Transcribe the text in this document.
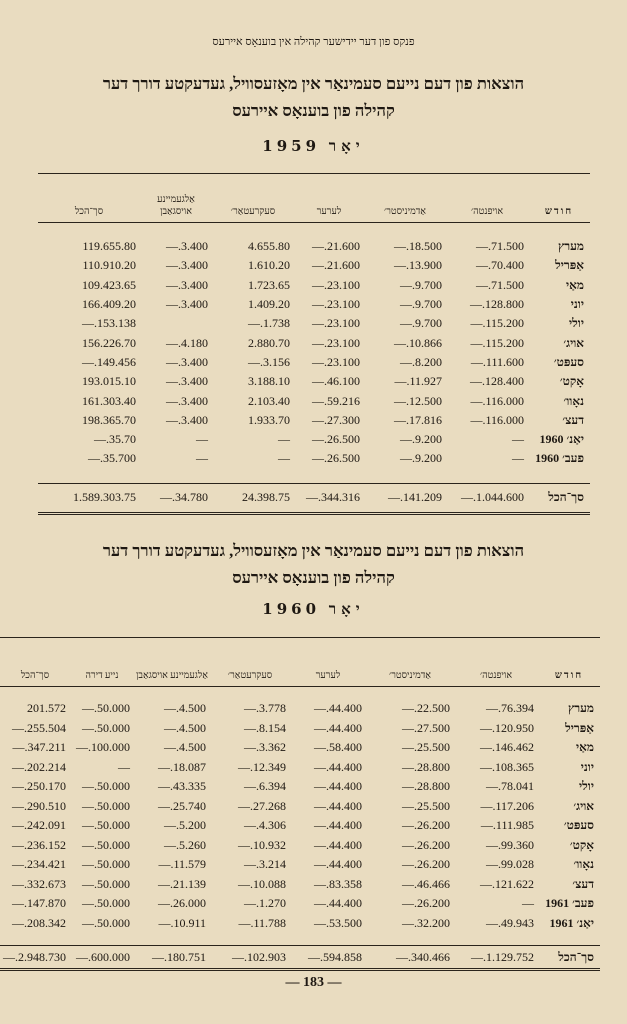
פנקס פון דער יידישער קהילה אין בוענאָס איירעס
הוצאות פון דעם נייעם סעמינאַר אין מאָזעסוויל, געדעקטע דורך דער
קהילה פון בוענאָס איירעס
יאָר 1959

חודש	אויפנטה׳	אַדמיניסטר׳	לערער	סעקרעטאַר׳	אַלגעמיינע אויסגאַבן	סך־הכל

מערץ	71.500.—	18.500.—	21.600.—	4.655.80	3.400.—	119.655.80
אַפּריל	70.400.—	13.900.—	21.600.—	1.610.20	3.400.—	110.910.20
מאַי	71.500.—	9.700.—	23.100.—	1.723.65	3.400.—	109.423.65
יוני	128.800.—	9.700.—	23.100.—	1.409.20	3.400.—	166.409.20
יולי	115.200.—	9.700.—	23.100.—	1.738.—		153.138.—
אויג׳	115.200.—	10.866.—	23.100.—	2.880.70	4.180.—	156.226.70
סעפּט׳	111.600.—	8.200.—	23.100.—	3.156.—	3.400.—	149.456.—
אָקט׳	128.400.—	11.927.—	46.100.—	3.188.10	3.400.—	193.015.10
נאָוו׳	116.000.—	12.500.—	59.216.—	2.103.40	3.400.—	161.303.40
דעצ׳	116.000.—	17.816.—	27.300.—	1.933.70	3.400.—	198.365.70
יאַנ׳ 1960	—	9.200.—	26.500.—	—	—	35.70.—
פעב׳ 1960	—	9.200.—	26.500.—	—	—	35.700.—

סך־הכל	1.044.600.—	141.209.—	344.316.—	24.398.75	34.780.—	1.589.303.75
הוצאות פון דעם נייעם סעמינאַר אין מאָזעסוויל, געדעקטע דורך דער
קהילה פון בוענאָס איירעס
יאָר 1960

חודש	אויפנטה׳	אַדמיניסטר׳	לערער	סעקרעטאַר׳	אַלגעמיינע אויסגאַבן	נייע דירה	סך־הכל

מערץ	76.394.—	22.500.—	44.400.—	3.778.—	4.500.—	50.000.—	201.572
אַפּריל	120.950.—	27.500.—	44.400.—	8.154.—	4.500.—	50.000.—	255.504.—
מאַי	146.462.—	25.500.—	58.400.—	3.362.—	4.500.—	100.000.—	347.211.—
יוני	108.365.—	28.800.—	44.400.—	12.349.—	18.087.—	—	202.214.—
יולי	78.041.—	28.800.—	44.400.—	6.394.—	43.335.—	50.000.—	250.170.—
אויג׳	117.206.—	25.500.—	44.400.—	27.268.—	25.740.—	50.000.—	290.510.—
סעפּט׳	111.985.—	26.200.—	44.400.—	4.306.—	5.200.—	50.000.—	242.091.—
אָקט׳	99.360.—	26.200.—	44.400.—	10.932.—	5.260.—	50.000.—	236.152.—
נאָוו׳	99.028.—	26.200.—	44.400.—	3.214.—	11.579.—	50.000.—	234.421.—
דעצ׳	121.622.—	46.466.—	83.358.—	10.088.—	21.139.—	50.000.—	332.673.—
פעב׳ 1961	—	26.200.—	44.400.—	1.270.—	26.000.—	50.000.—	147.870.—
יאַנ׳ 1961	49.943.—	32.200.—	53.500.—	11.788.—	10.911.—	50.000.—	208.342.—

סך־הכל	1.129.752.—	340.466.—	594.858.—	102.903.—	180.751.—	600.000.—	2.948.730.—
— 183 —
